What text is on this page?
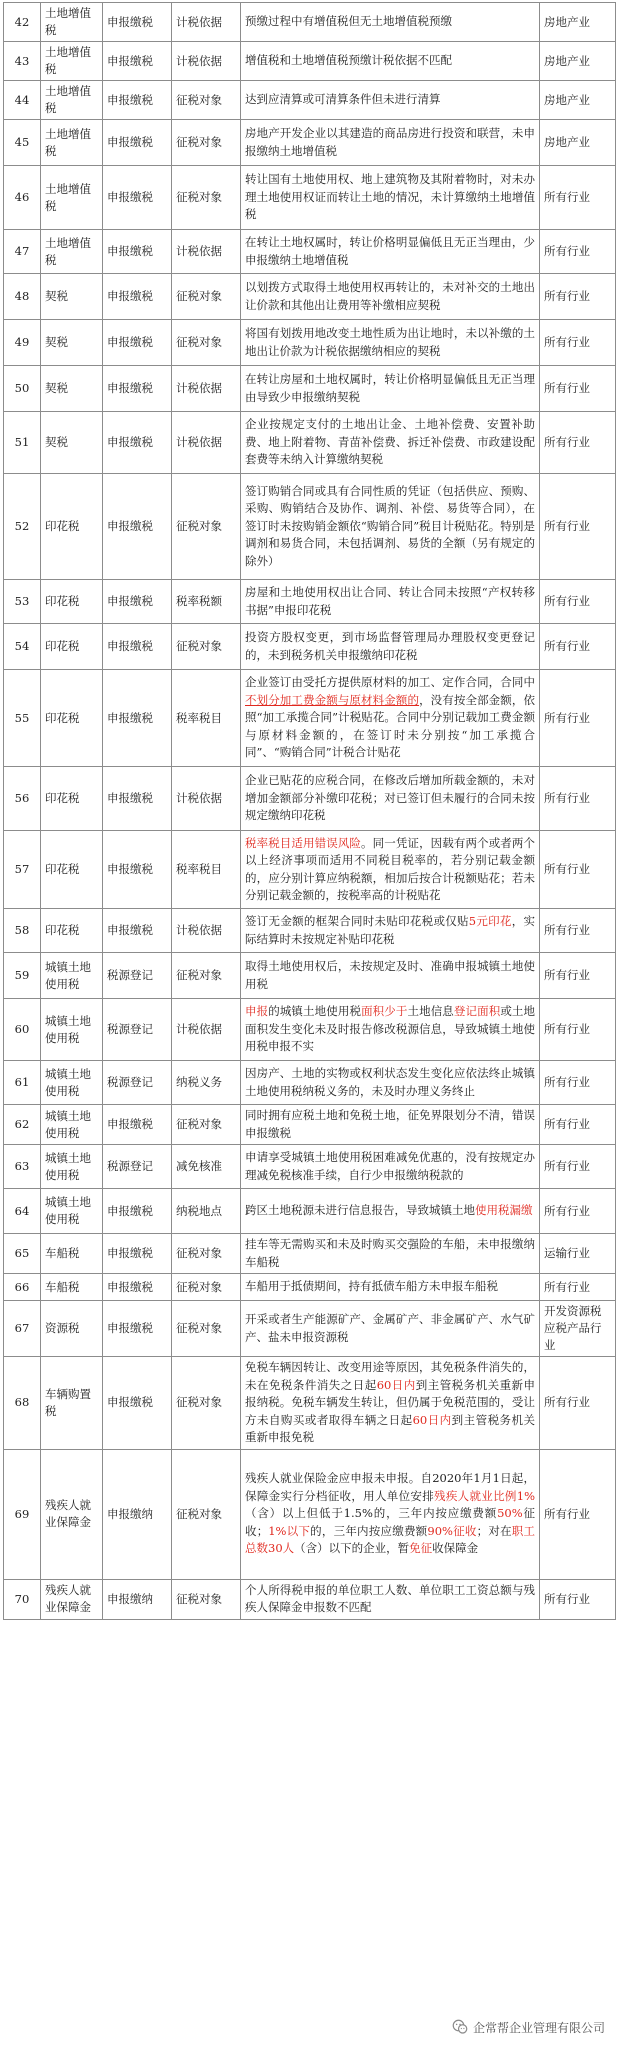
42	土地增值税	申报缴税	计税依据	预缴过程中有增值税但无土地增值税预缴	房地产业
43	土地增值税	申报缴税	计税依据	增值税和土地增值税预缴计税依据不匹配	房地产业
44	土地增值税	申报缴税	征税对象	达到应清算或可清算条件但未进行清算	房地产业
45	土地增值税	申报缴税	征税对象	房地产开发企业以其建造的商品房进行投资和联营，未申报缴纳土地增值税	房地产业
46	土地增值税	申报缴税	征税对象	转让国有土地使用权、地上建筑物及其附着物时，对未办理土地使用权证而转让土地的情况，未计算缴纳土地增值税	所有行业
47	土地增值税	申报缴税	计税依据	在转让土地权属时，转让价格明显偏低且无正当理由，少申报缴纳土地增值税	所有行业
48	契税	申报缴税	征税对象	以划拨方式取得土地使用权再转让的，未对补交的土地出让价款和其他出让费用等补缴相应契税	所有行业
49	契税	申报缴税	征税对象	将国有划拨用地改变土地性质为出让地时，未以补缴的土地出让价款为计税依据缴纳相应的契税	所有行业
50	契税	申报缴税	计税依据	在转让房屋和土地权属时，转让价格明显偏低且无正当理由导致少申报缴纳契税	所有行业
51	契税	申报缴税	计税依据	企业按规定支付的土地出让金、土地补偿费、安置补助费、地上附着物、青苗补偿费、拆迁补偿费、市政建设配套费等未纳入计算缴纳契税	所有行业
52	印花税	申报缴税	征税对象	签订购销合同或具有合同性质的凭证（包括供应、预购、采购、购销结合及协作、调剂、补偿、易货等合同），在签订时未按购销金额依“购销合同”税目计税贴花。特别是调剂和易货合同，未包括调剂、易货的全额（另有规定的除外）	所有行业
53	印花税	申报缴税	税率税额	房屋和土地使用权出让合同、转让合同未按照“产权转移书据”申报印花税	所有行业
54	印花税	申报缴税	征税对象	投资方股权变更，到市场监督管理局办理股权变更登记的，未到税务机关申报缴纳印花税	所有行业
55	印花税	申报缴税	税率税目	企业签订由受托方提供原材料的加工、定作合同，合同中不划分加工费金额与原材料金额的，没有按全部金额，依照“加工承揽合同”计税贴花。合同中分别记载加工费金额与原材料金额的，在签订时未分别按“加工承揽合同”、“购销合同”计税合计贴花	所有行业
56	印花税	申报缴税	计税依据	企业已贴花的应税合同，在修改后增加所载金额的，未对增加金额部分补缴印花税；对已签订但未履行的合同未按规定缴纳印花税	所有行业
57	印花税	申报缴税	税率税目	税率税目适用错误风险。同一凭证，因载有两个或者两个以上经济事项而适用不同税目税率的，若分别记载金额的，应分别计算应纳税额，相加后按合计税额贴花；若未分别记载金额的，按税率高的计税贴花	所有行业
58	印花税	申报缴税	计税依据	签订无金额的框架合同时未贴印花税或仅贴5元印花，实际结算时未按规定补贴印花税	所有行业
59	城镇土地使用税	税源登记	征税对象	取得土地使用权后，未按规定及时、准确申报城镇土地使用税	所有行业
60	城镇土地使用税	税源登记	计税依据	申报的城镇土地使用税面积少于土地信息登记面积或土地面积发生变化未及时报告修改税源信息，导致城镇土地使用税申报不实	所有行业
61	城镇土地使用税	税源登记	纳税义务	因房产、土地的实物或权利状态发生变化应依法终止城镇土地使用税纳税义务的，未及时办理义务终止	所有行业
62	城镇土地使用税	申报缴税	征税对象	同时拥有应税土地和免税土地，征免界限划分不清，错误申报缴税	所有行业
63	城镇土地使用税	税源登记	减免核准	申请享受城镇土地使用税困难减免优惠的，没有按规定办理减免税核准手续，自行少申报缴纳税款的	所有行业
64	城镇土地使用税	申报缴税	纳税地点	跨区土地税源未进行信息报告，导致城镇土地使用税漏缴	所有行业
65	车船税	申报缴税	征税对象	挂车等无需购买和未及时购买交强险的车船，未申报缴纳车船税	运输行业
66	车船税	申报缴税	征税对象	车船用于抵债期间，持有抵债车船方未申报车船税	所有行业
67	资源税	申报缴税	征税对象	开采或者生产能源矿产、金属矿产、非金属矿产、水气矿产、盐未申报资源税	开发资源税应税产品行业
68	车辆购置税	申报缴税	征税对象	免税车辆因转让、改变用途等原因，其免税条件消失的，未在免税条件消失之日起60日内到主管税务机关重新申报纳税。免税车辆发生转让，但仍属于免税范围的，受让方未自购买或者取得车辆之日起60日内到主管税务机关重新申报免税	所有行业
69	残疾人就业保障金	申报缴纳	征税对象	残疾人就业保险金应申报未申报。自2020年1月1日起，保障金实行分档征收，用人单位安排残疾人就业比例1%（含）以上但低于1.5%的，三年内按应缴费额50%征收；1%以下的，三年内按应缴费额90%征收；对在职工总数30人（含）以下的企业，暂免征收保障金	所有行业
70	残疾人就业保障金	申报缴纳	征税对象	个人所得税申报的单位职工人数、单位职工工资总额与残疾人保障金申报数不匹配	所有行业
企常帮企业管理有限公司
